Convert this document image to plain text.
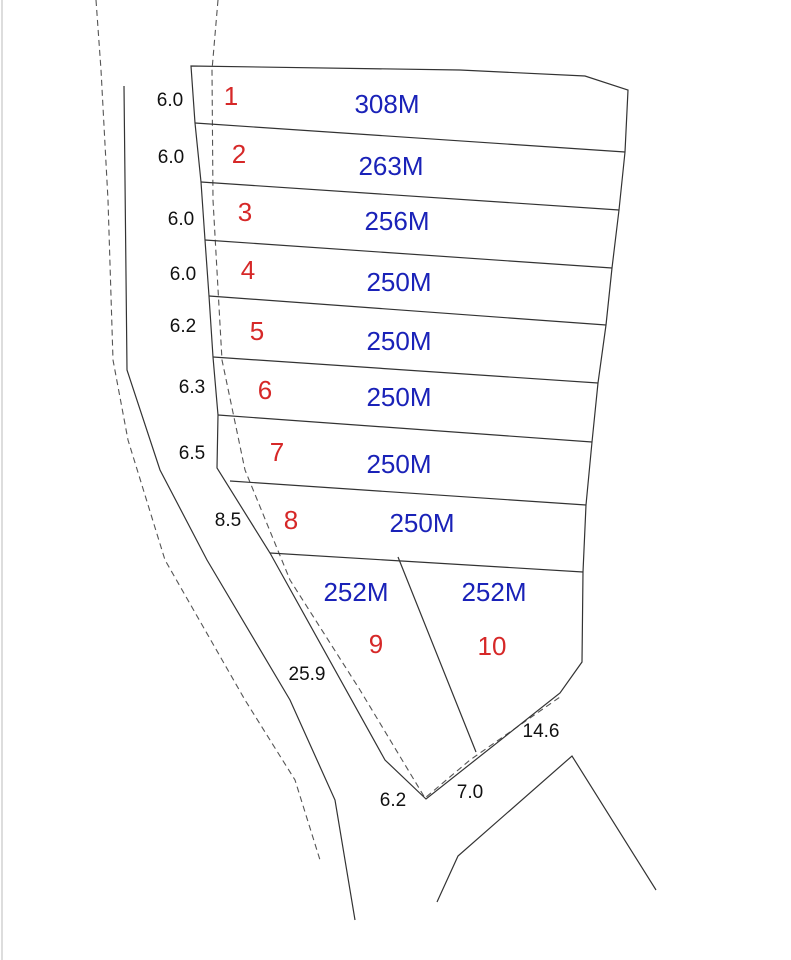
1
2
3
4
5
6
7
8
9	10
308M
263M
256M
250M
250M
250M
250M
250M
252M	252M
6.0
6.0
6.0
6.0
6.2
6.3
6.5
8.5
25.9
6.2	7.0
14.6
